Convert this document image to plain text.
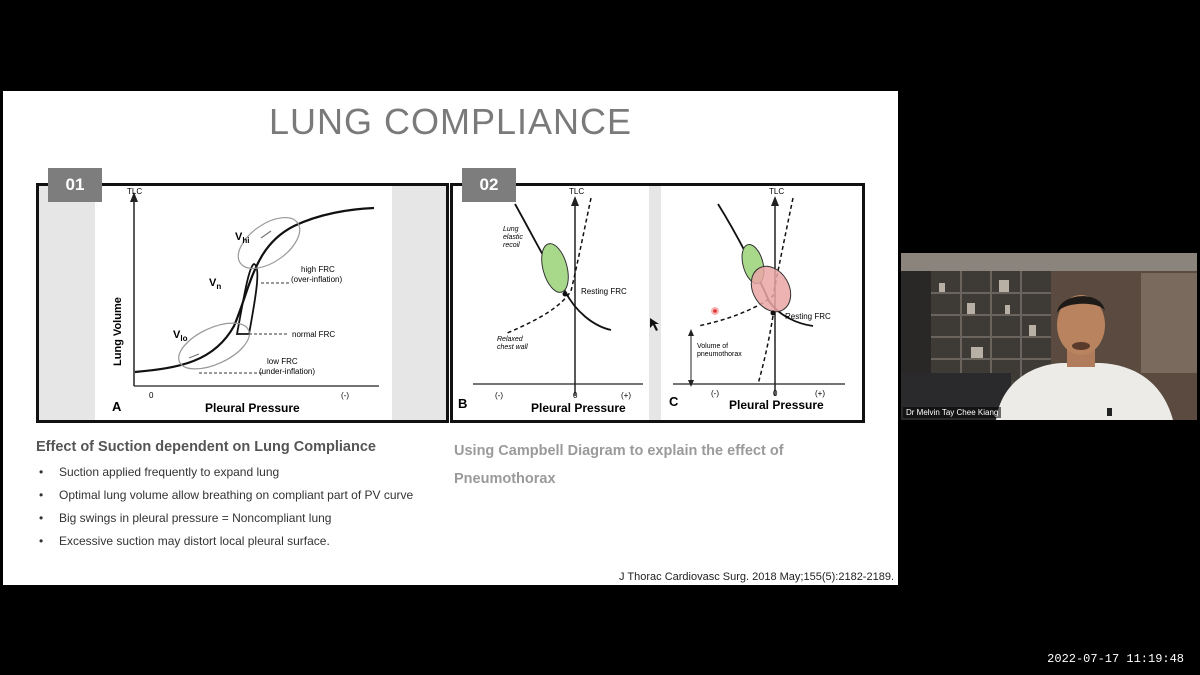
LUNG COMPLIANCE
TLC
Lung Volume
0	(-)
Pleural Pressure
A
$V_{hi}$
$V_n$
$V_{lo}$
high FRC
(over-inflation)
normal FRC
low FRC
(under-inflation)
TLC
Lung
elastic
recoil
Resting FRC
Relaxed
chest wall
(-)	0	(+)
Pleural Pressure
B
TLC
Resting FRC
Volume of
pneumothorax
(-)	0	(+)
Pleural Pressure
C
01	02
Effect of Suction dependent on Lung Compliance
• Suction applied frequently to expand lung
• Optimal lung volume allow breathing on compliant part of PV curve
• Big swings in pleural pressure = Noncompliant lung
• Excessive suction may distort local pleural surface.
Using Campbell Diagram to explain the effect of Pneumothorax
J Thorac Cardiovasc Surg. 2018 May;155(5):2182-2189.
Dr Melvin Tay Chee Kiang
2022-07-17 11:19:48
